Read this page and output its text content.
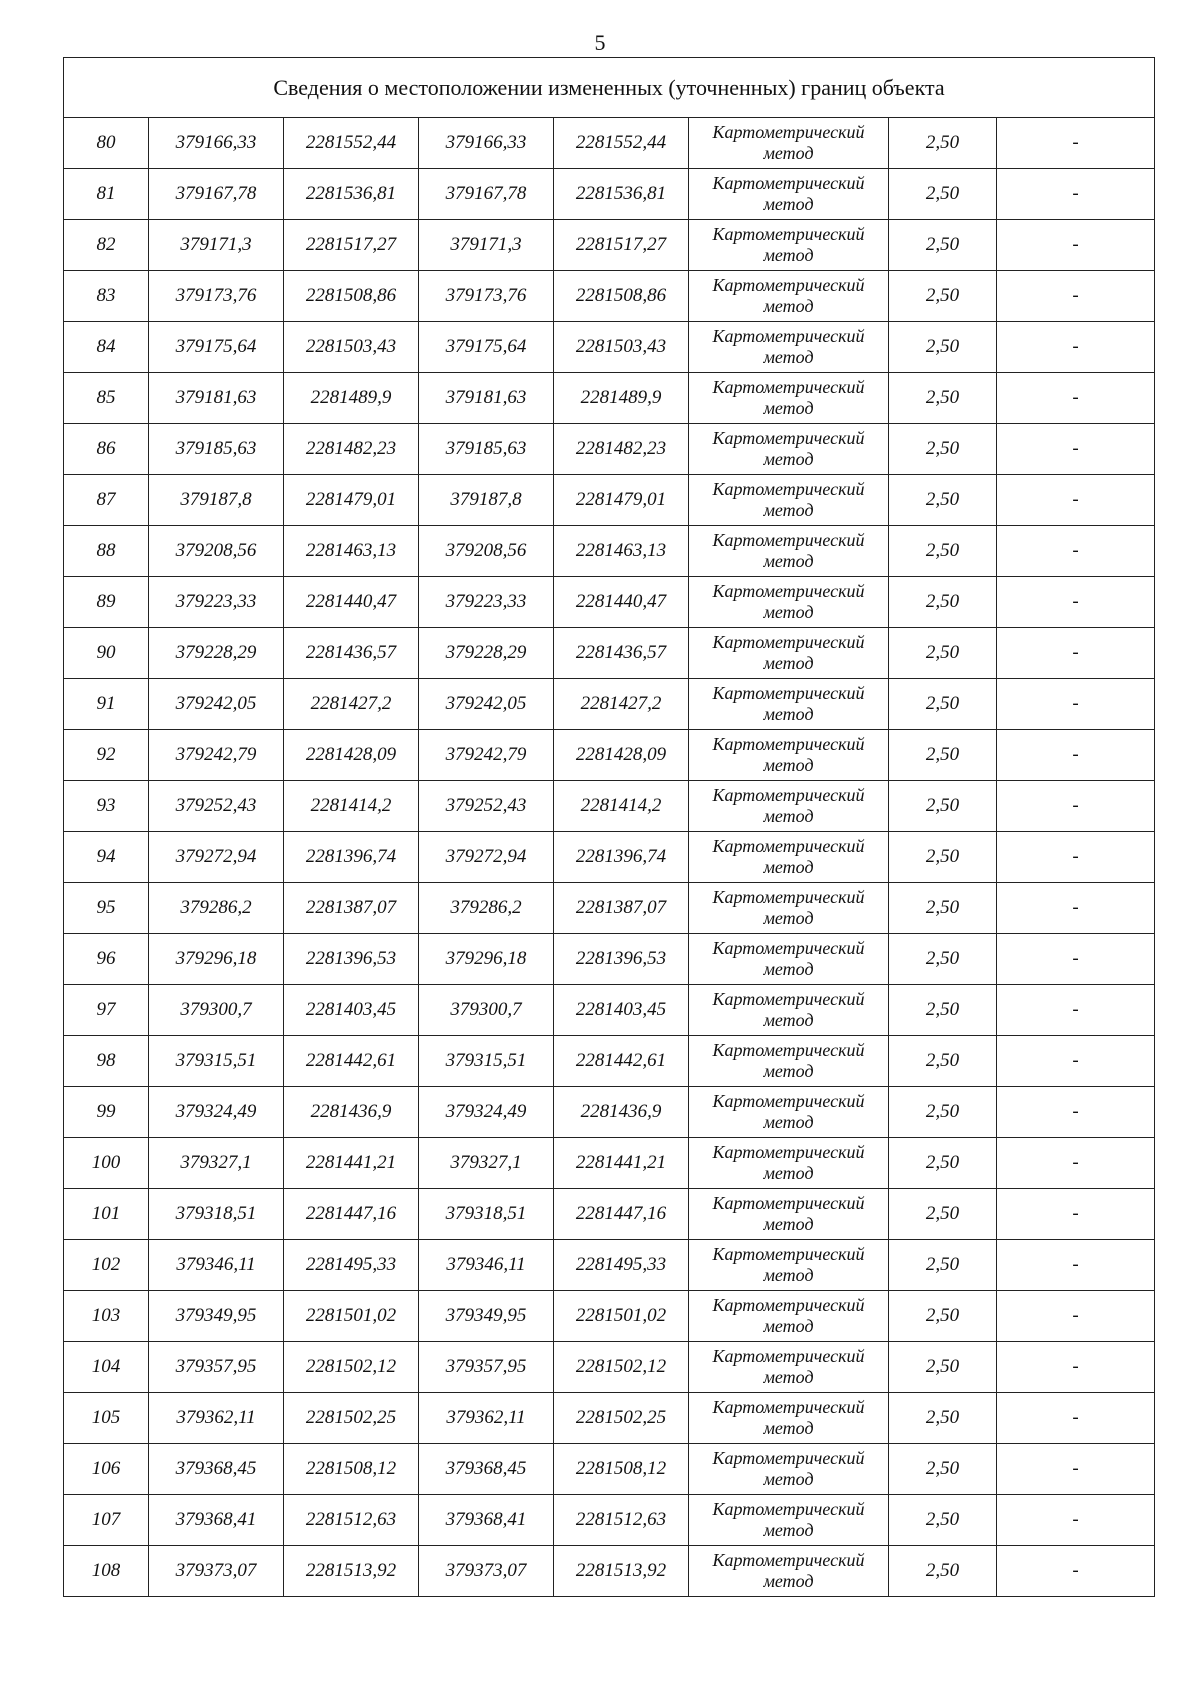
5
Сведения о местоположении измененных (уточненных) границ объекта							
80	379166,33	2281552,44	379166,33	2281552,44	Картометрический метод	2,50	-
81	379167,78	2281536,81	379167,78	2281536,81	Картометрический метод	2,50	-
82	379171,3	2281517,27	379171,3	2281517,27	Картометрический метод	2,50	-
83	379173,76	2281508,86	379173,76	2281508,86	Картометрический метод	2,50	-
84	379175,64	2281503,43	379175,64	2281503,43	Картометрический метод	2,50	-
85	379181,63	2281489,9	379181,63	2281489,9	Картометрический метод	2,50	-
86	379185,63	2281482,23	379185,63	2281482,23	Картометрический метод	2,50	-
87	379187,8	2281479,01	379187,8	2281479,01	Картометрический метод	2,50	-
88	379208,56	2281463,13	379208,56	2281463,13	Картометрический метод	2,50	-
89	379223,33	2281440,47	379223,33	2281440,47	Картометрический метод	2,50	-
90	379228,29	2281436,57	379228,29	2281436,57	Картометрический метод	2,50	-
91	379242,05	2281427,2	379242,05	2281427,2	Картометрический метод	2,50	-
92	379242,79	2281428,09	379242,79	2281428,09	Картометрический метод	2,50	-
93	379252,43	2281414,2	379252,43	2281414,2	Картометрический метод	2,50	-
94	379272,94	2281396,74	379272,94	2281396,74	Картометрический метод	2,50	-
95	379286,2	2281387,07	379286,2	2281387,07	Картометрический метод	2,50	-
96	379296,18	2281396,53	379296,18	2281396,53	Картометрический метод	2,50	-
97	379300,7	2281403,45	379300,7	2281403,45	Картометрический метод	2,50	-
98	379315,51	2281442,61	379315,51	2281442,61	Картометрический метод	2,50	-
99	379324,49	2281436,9	379324,49	2281436,9	Картометрический метод	2,50	-
100	379327,1	2281441,21	379327,1	2281441,21	Картометрический метод	2,50	-
101	379318,51	2281447,16	379318,51	2281447,16	Картометрический метод	2,50	-
102	379346,11	2281495,33	379346,11	2281495,33	Картометрический метод	2,50	-
103	379349,95	2281501,02	379349,95	2281501,02	Картометрический метод	2,50	-
104	379357,95	2281502,12	379357,95	2281502,12	Картометрический метод	2,50	-
105	379362,11	2281502,25	379362,11	2281502,25	Картометрический метод	2,50	-
106	379368,45	2281508,12	379368,45	2281508,12	Картометрический метод	2,50	-
107	379368,41	2281512,63	379368,41	2281512,63	Картометрический метод	2,50	-
108	379373,07	2281513,92	379373,07	2281513,92	Картометрический метод	2,50	-
